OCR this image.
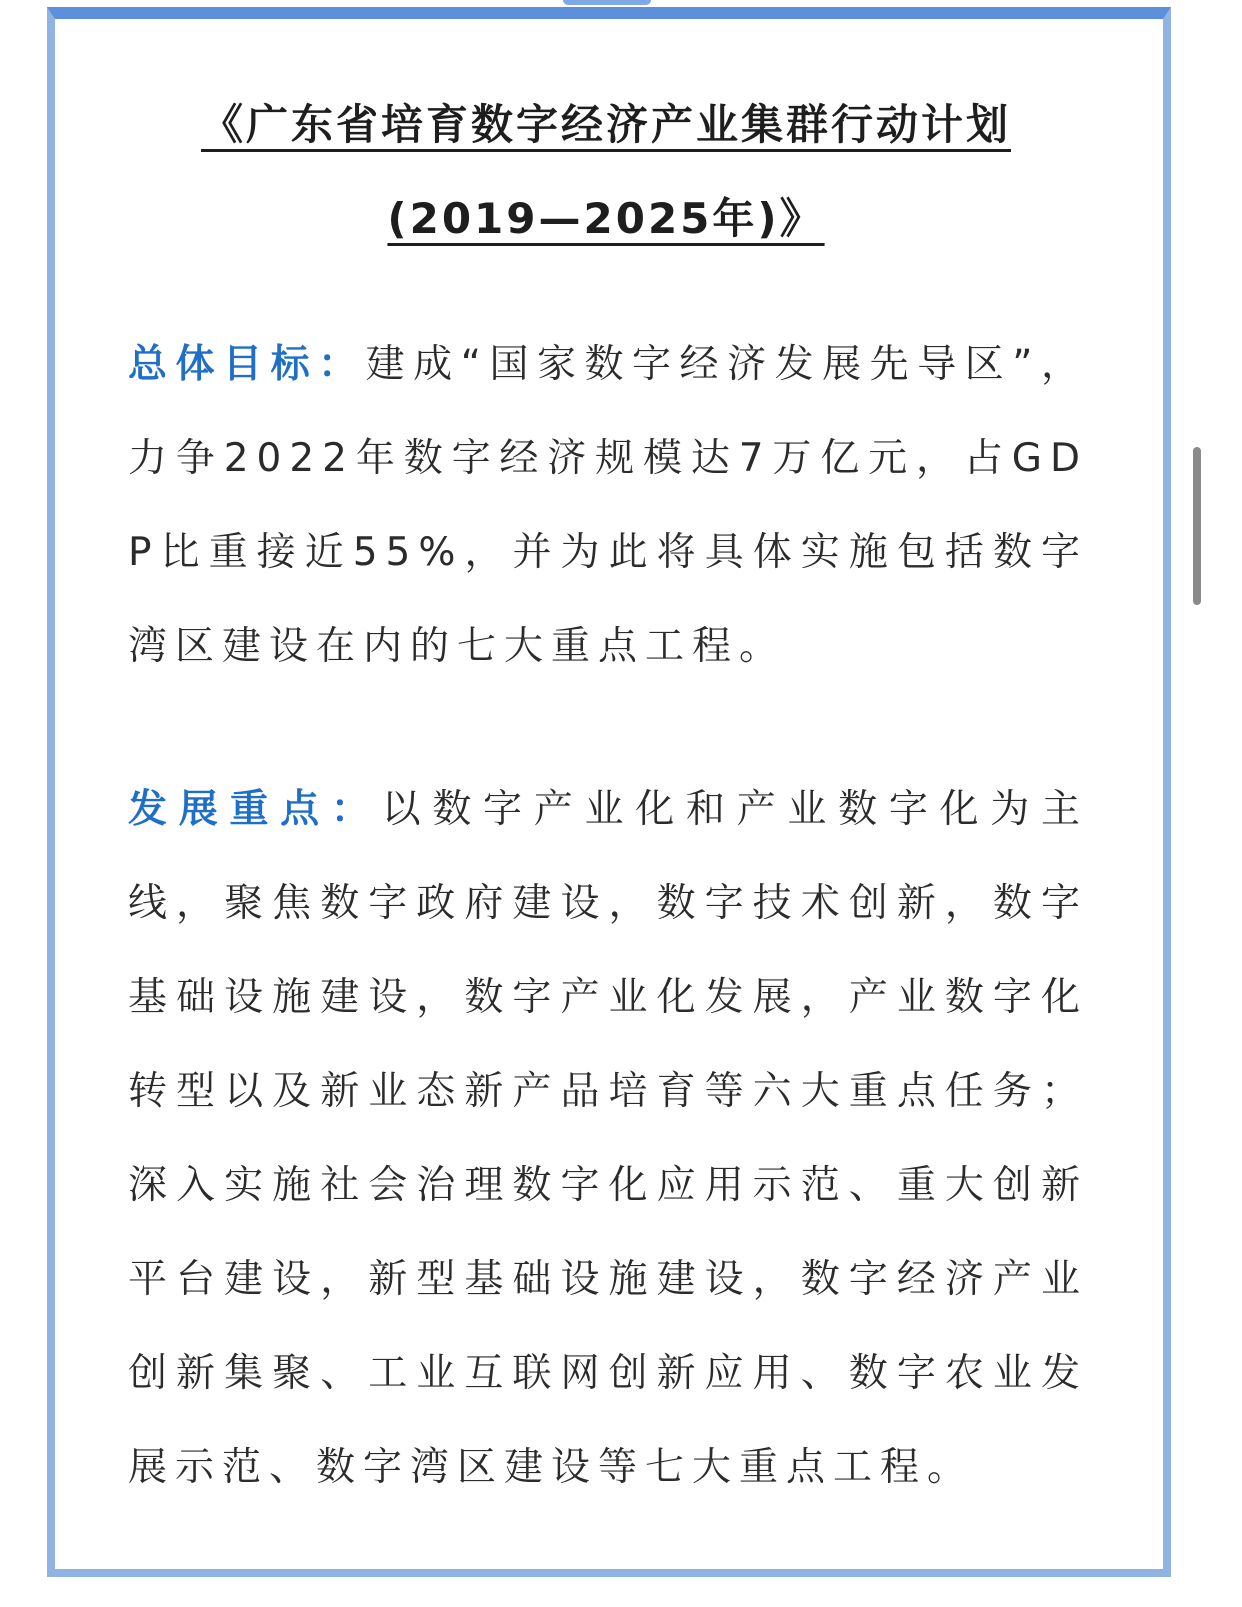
《广东省培育数字经济产业集群行动计划(2019—2025年)》
总体目标：建成“国家数字经济发展先导区”，力争2022年数字经济规模达7万亿元，占GDP比重接近55%，并为此将具体实施包括数字湾区建设在内的七大重点工程。
发展重点：以数字产业化和产业数字化为主线，聚焦数字政府建设，数字技术创新，数字基础设施建设，数字产业化发展，产业数字化转型以及新业态新产品培育等六大重点任务；深入实施社会治理数字化应用示范、重大创新平台建设，新型基础设施建设，数字经济产业创新集聚、工业互联网创新应用、数字农业发展示范、数字湾区建设等七大重点工程。
